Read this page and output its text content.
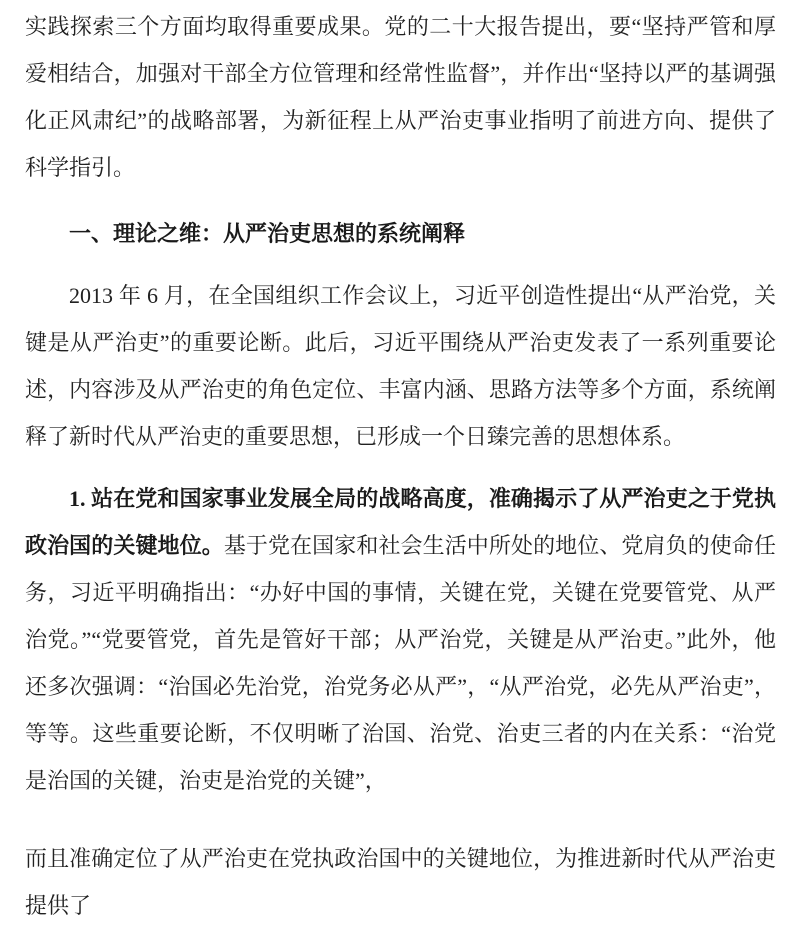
实践探索三个方面均取得重要成果。党的二十大报告提出，要“坚持严管和厚爱相结合，加强对干部全方位管理和经常性监督”，并作出“坚持以严的基调强化正风肃纪”的战略部署，为新征程上从严治吏事业指明了前进方向、提供了科学指引。

一、理论之维：从严治吏思想的系统阐释

2013 年 6 月，在全国组织工作会议上，习近平创造性提出“从严治党，关键是从严治吏”的重要论断。此后，习近平围绕从严治吏发表了一系列重要论述，内容涉及从严治吏的角色定位、丰富内涵、思路方法等多个方面，系统阐释了新时代从严治吏的重要思想，已形成一个日臻完善的思想体系。

1. 站在党和国家事业发展全局的战略高度，准确揭示了从严治吏之于党执政治国的关键地位。基于党在国家和社会生活中所处的地位、党肩负的使命任务，习近平明确指出：“办好中国的事情，关键在党，关键在党要管党、从严治党。”“党要管党，首先是管好干部；从严治党，关键是从严治吏。”此外，他还多次强调：“治国必先治党，治党务必从严”，“从严治党，必先从严治吏”，等等。这些重要论断，不仅明晰了治国、治党、治吏三者的内在关系：“治党是治国的关键，治吏是治党的关键”，

而且准确定位了从严治吏在党执政治国中的关键地位，为推进新时代从严治吏提供了
